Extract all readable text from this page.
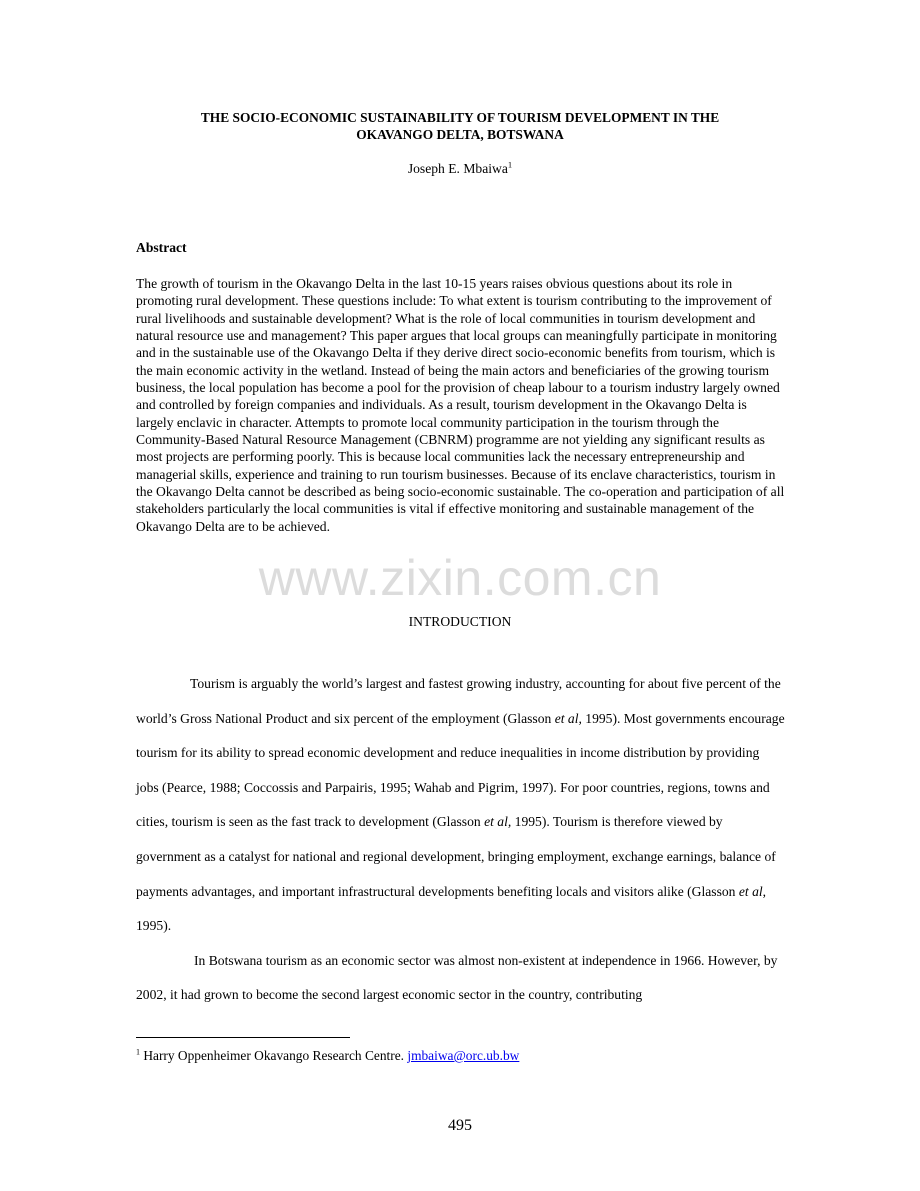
THE SOCIO-ECONOMIC SUSTAINABILITY OF TOURISM DEVELOPMENT IN THE
OKAVANGO DELTA, BOTSWANA
Joseph E. Mbaiwa$^1$
Abstract

The growth of tourism in the Okavango Delta in the last 10-15 years raises obvious questions about its role in promoting rural development. These questions include: To what extent is tourism contributing to the improvement of rural livelihoods and sustainable development? What is the role of local communities in tourism development and natural resource use and management? This paper argues that local groups can meaningfully participate in monitoring and in the sustainable use of the Okavango Delta if they derive direct socio-economic benefits from tourism, which is the main economic activity in the wetland. Instead of being the main actors and beneficiaries of the growing tourism business, the local population has become a pool for the provision of cheap labour to a tourism industry largely owned and controlled by foreign companies and individuals. As a result, tourism development in the Okavango Delta is largely enclavic in character. Attempts to promote local community participation in the tourism through the Community-Based Natural Resource Management (CBNRM) programme are not yielding any significant results as most projects are performing poorly. This is because local communities lack the necessary entrepreneurship and managerial skills, experience and training to run tourism businesses. Because of its enclave characteristics, tourism in the Okavango Delta cannot be described as being socio-economic sustainable. The co-operation and participation of all stakeholders particularly the local communities is vital if effective monitoring and sustainable management of the Okavango Delta are to be achieved.

www.zixin.com.cn
INTRODUCTION

Tourism is arguably the world’s largest and fastest growing industry, accounting for about five percent of the world’s Gross National Product and six percent of the employment (Glasson et al, 1995). Most governments encourage tourism for its ability to spread economic development and reduce inequalities in income distribution by providing jobs (Pearce, 1988; Coccossis and Parpairis, 1995; Wahab and Pigrim, 1997). For poor countries, regions, towns and cities, tourism is seen as the fast track to development (Glasson et al, 1995). Tourism is therefore viewed by government as a catalyst for national and regional development, bringing employment, exchange earnings, balance of payments advantages, and important infrastructural developments benefiting locals and visitors alike (Glasson et al, 1995).

In Botswana tourism as an economic sector was almost non-existent at independence in 1966. However, by 2002, it had grown to become the second largest economic sector in the country, contributing

$^1$ Harry Oppenheimer Okavango Research Centre. jmbaiwa@orc.ub.bw
495
